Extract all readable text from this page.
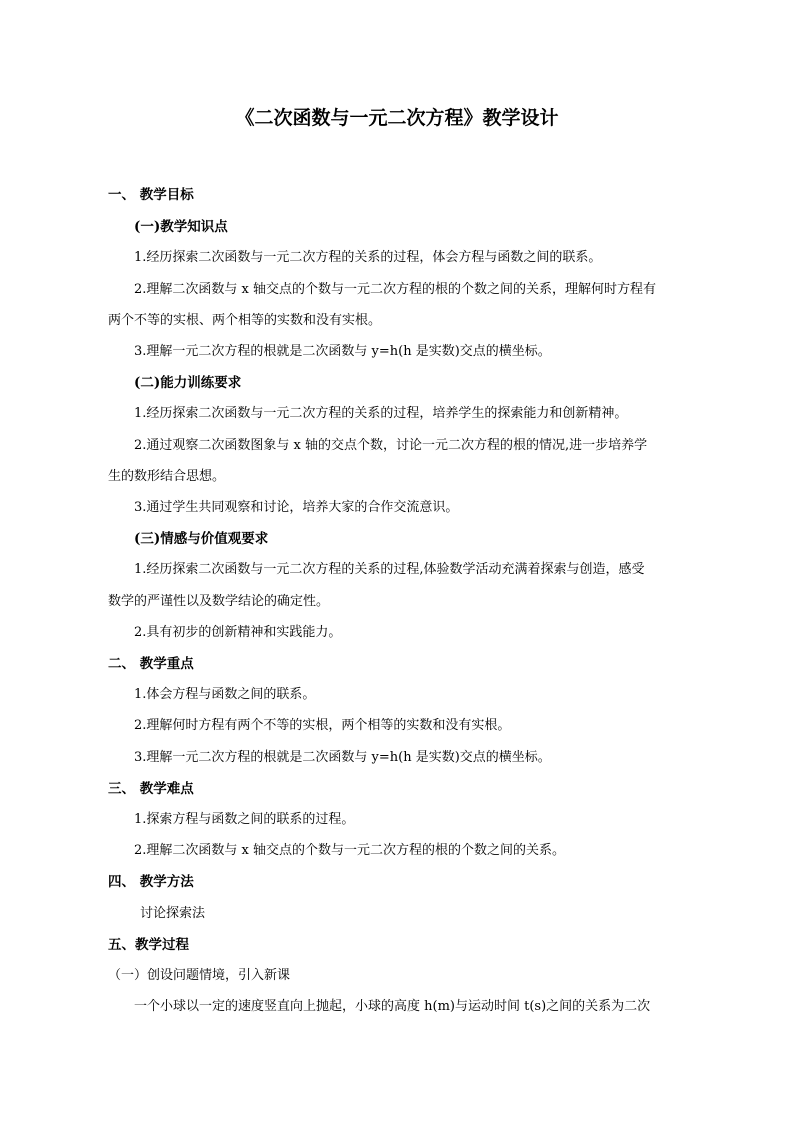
《二次函数与一元二次方程》教学设计

一、 教学目标

(一)教学知识点

1.经历探索二次函数与一元二次方程的关系的过程，体会方程与函数之间的联系。

2.理解二次函数与 x 轴交点的个数与一元二次方程的根的个数之间的关系，理解何时方程有

两个不等的实根、两个相等的实数和没有实根。

3.理解一元二次方程的根就是二次函数与 y=h(h 是实数)交点的横坐标。

(二)能力训练要求

1.经历探索二次函数与一元二次方程的关系的过程，培养学生的探索能力和创新精神。

2.通过观察二次函数图象与 x 轴的交点个数，讨论一元二次方程的根的情况,进一步培养学

生的数形结合思想。

3.通过学生共同观察和讨论，培养大家的合作交流意识。

(三)情感与价值观要求

1.经历探索二次函数与一元二次方程的关系的过程,体验数学活动充满着探索与创造，感受

数学的严谨性以及数学结论的确定性。

2.具有初步的创新精神和实践能力。

二、 教学重点

1.体会方程与函数之间的联系。

2.理解何时方程有两个不等的实根，两个相等的实数和没有实根。

3.理解一元二次方程的根就是二次函数与 y=h(h 是实数)交点的横坐标。

三、 教学难点

1.探索方程与函数之间的联系的过程。

2.理解二次函数与 x 轴交点的个数与一元二次方程的根的个数之间的关系。

四、 教学方法

讨论探索法

五、教学过程

（一）创设问题情境，引入新课

一个小球以一定的速度竖直向上抛起，小球的高度 h(m)与运动时间 t(s)之间的关系为二次
